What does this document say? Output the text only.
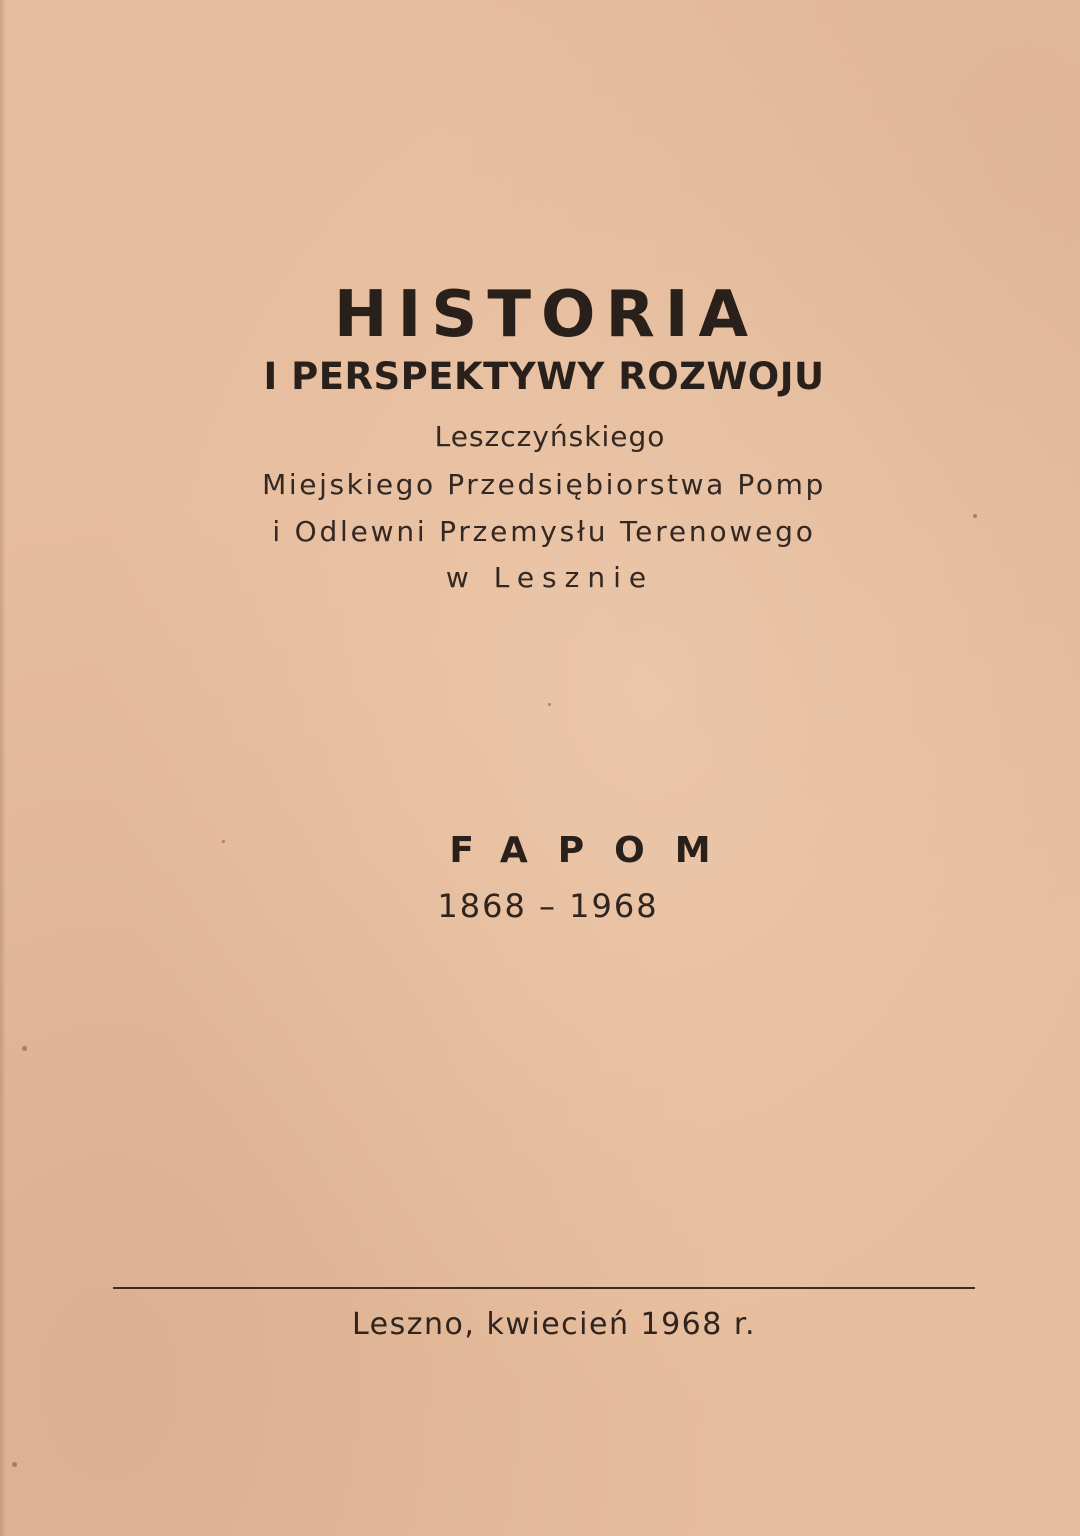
HISTORIA
I PERSPEKTYWY ROZWOJU
Leszczyńskiego
Miejskiego Przedsiębiorstwa Pomp
i Odlewni Przemysłu Terenowego
w Lesznie
FAPOM
1868 – 1968
Leszno, kwiecień 1968 r.
